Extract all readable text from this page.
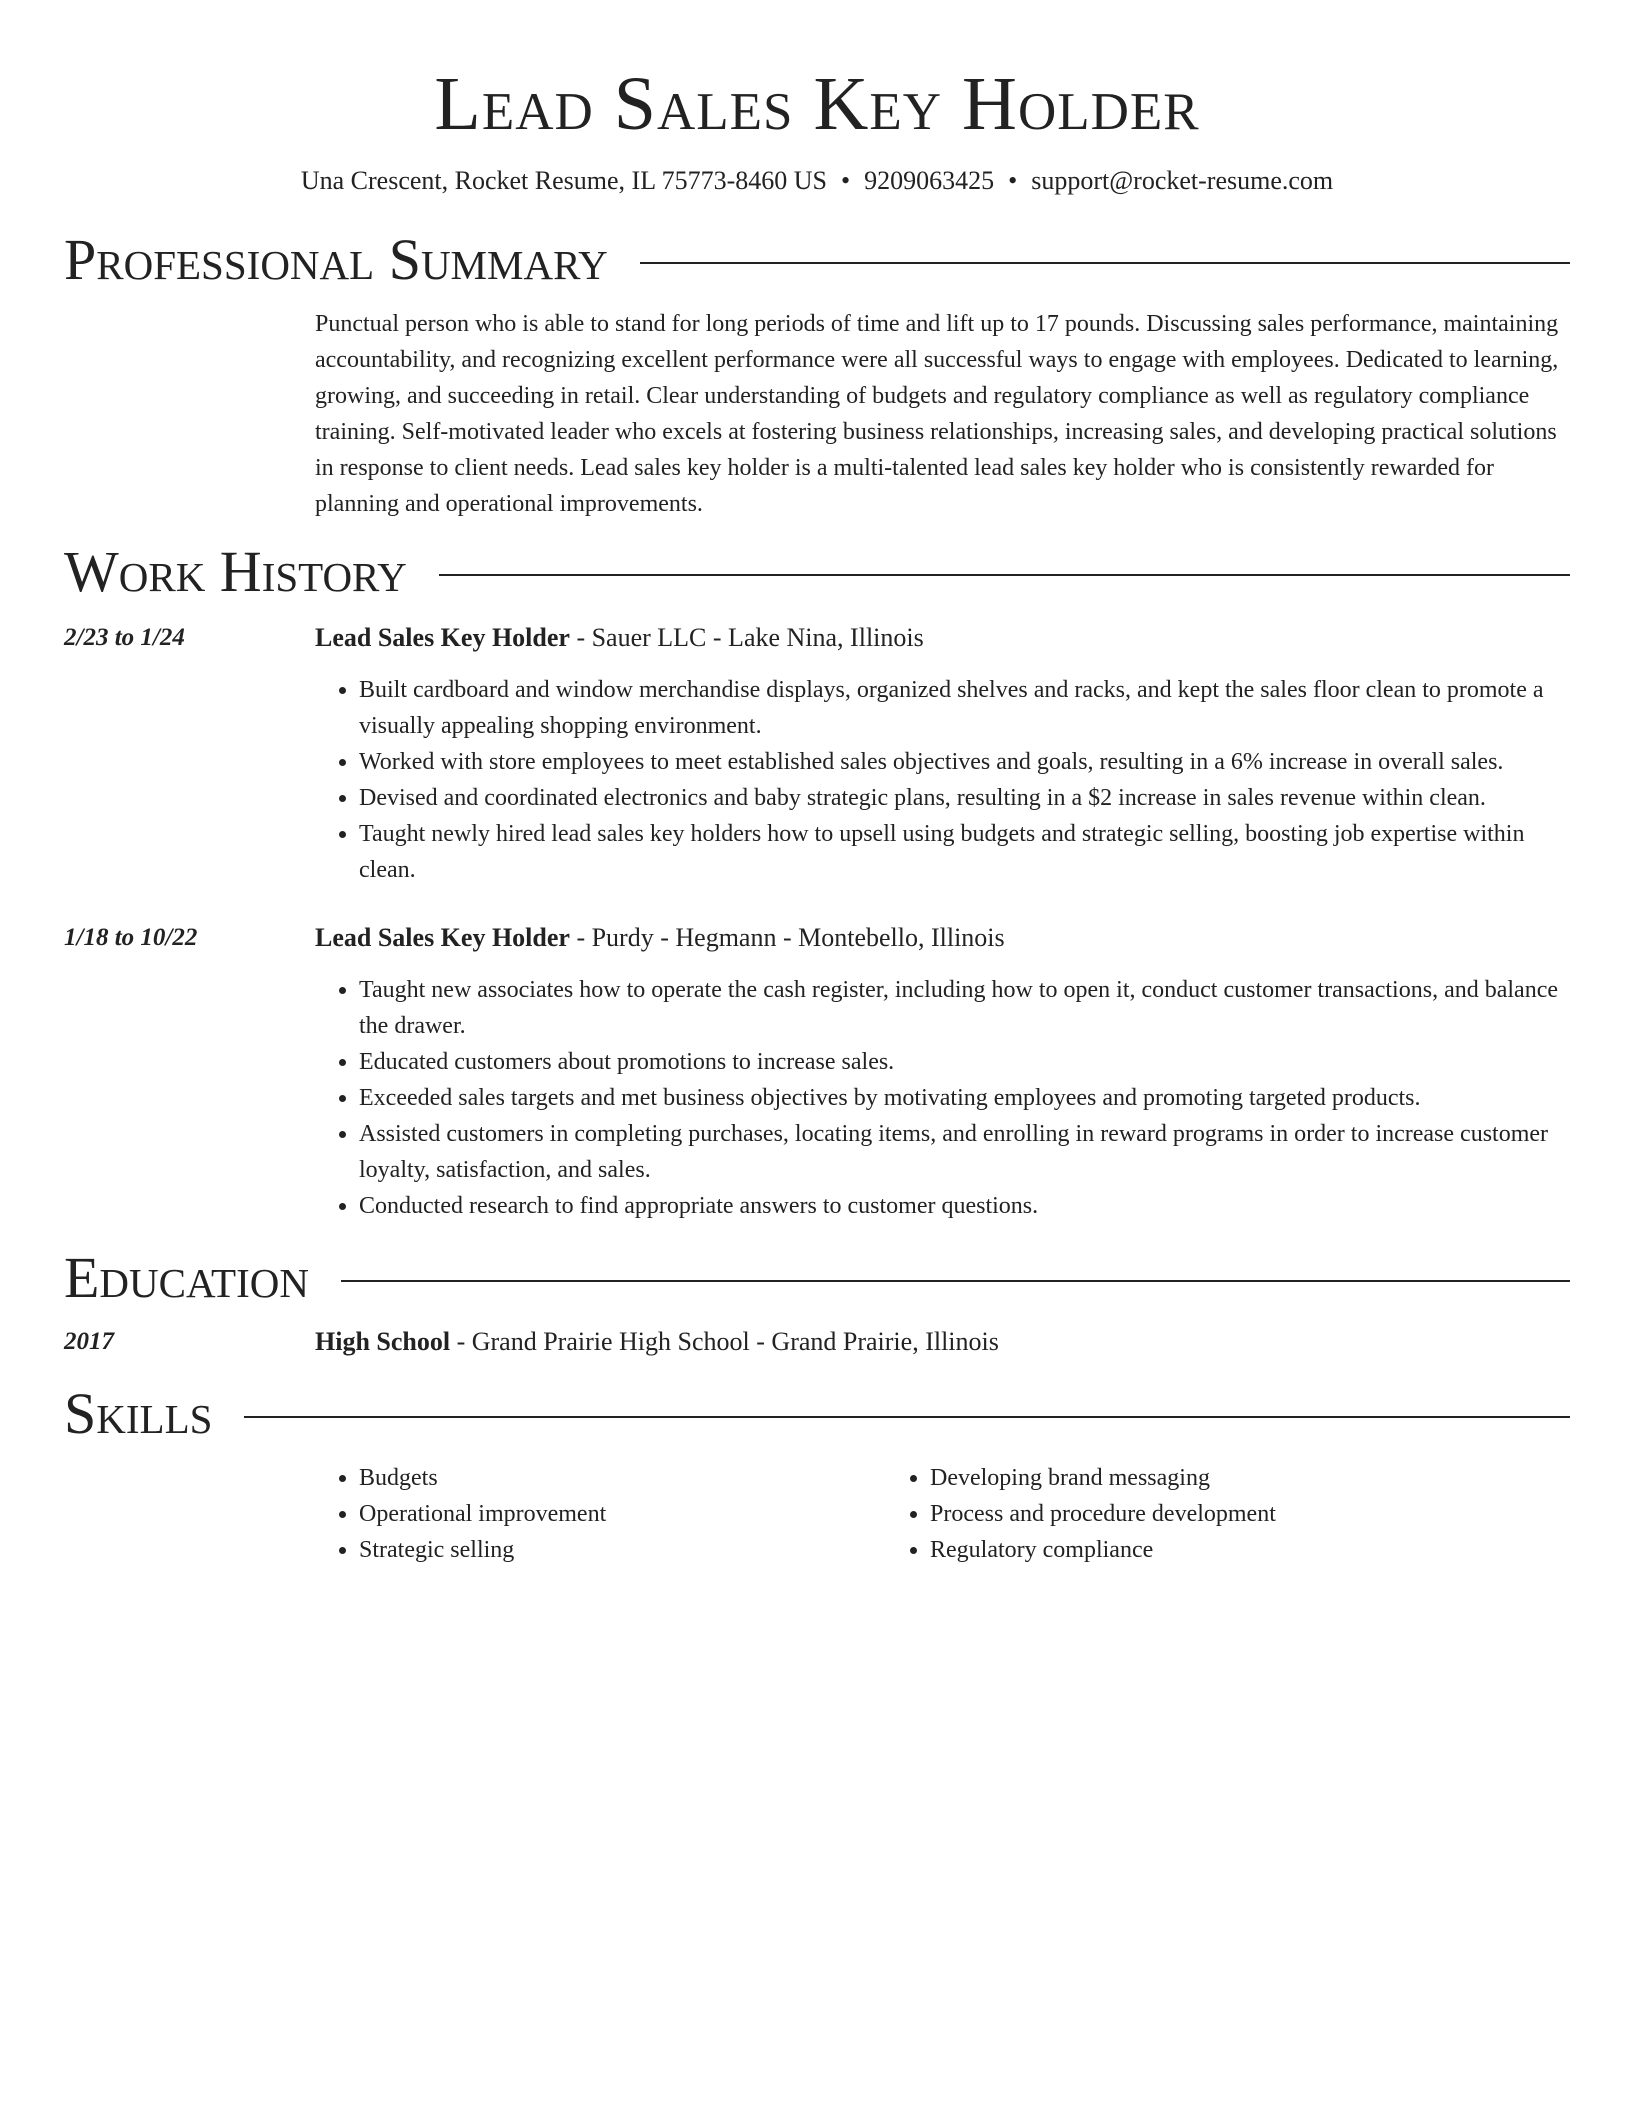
Lead Sales Key Holder
Una Crescent, Rocket Resume, IL 75773-8460 US • 9209063425 • support@rocket-resume.com
Professional Summary
Punctual person who is able to stand for long periods of time and lift up to 17 pounds. Discussing sales performance, maintaining accountability, and recognizing excellent performance were all successful ways to engage with employees. Dedicated to learning, growing, and succeeding in retail. Clear understanding of budgets and regulatory compliance as well as regulatory compliance training. Self-motivated leader who excels at fostering business relationships, increasing sales, and developing practical solutions in response to client needs. Lead sales key holder is a multi-talented lead sales key holder who is consistently rewarded for planning and operational improvements.
Work History
2/23 to 1/24	Lead Sales Key Holder - Sauer LLC - Lake Nina, Illinois
• Built cardboard and window merchandise displays, organized shelves and racks, and kept the sales floor clean to promote a visually appealing shopping environment.
• Worked with store employees to meet established sales objectives and goals, resulting in a 6% increase in overall sales.
• Devised and coordinated electronics and baby strategic plans, resulting in a $2 increase in sales revenue within clean.
• Taught newly hired lead sales key holders how to upsell using budgets and strategic selling, boosting job expertise within clean.
1/18 to 10/22	Lead Sales Key Holder - Purdy - Hegmann - Montebello, Illinois
• Taught new associates how to operate the cash register, including how to open it, conduct customer transactions, and balance the drawer.
• Educated customers about promotions to increase sales.
• Exceeded sales targets and met business objectives by motivating employees and promoting targeted products.
• Assisted customers in completing purchases, locating items, and enrolling in reward programs in order to increase customer loyalty, satisfaction, and sales.
• Conducted research to find appropriate answers to customer questions.
Education
2017	High School - Grand Prairie High School - Grand Prairie, Illinois
Skills
• Budgets
• Operational improvement
• Strategic selling
• Developing brand messaging
• Process and procedure development
• Regulatory compliance
